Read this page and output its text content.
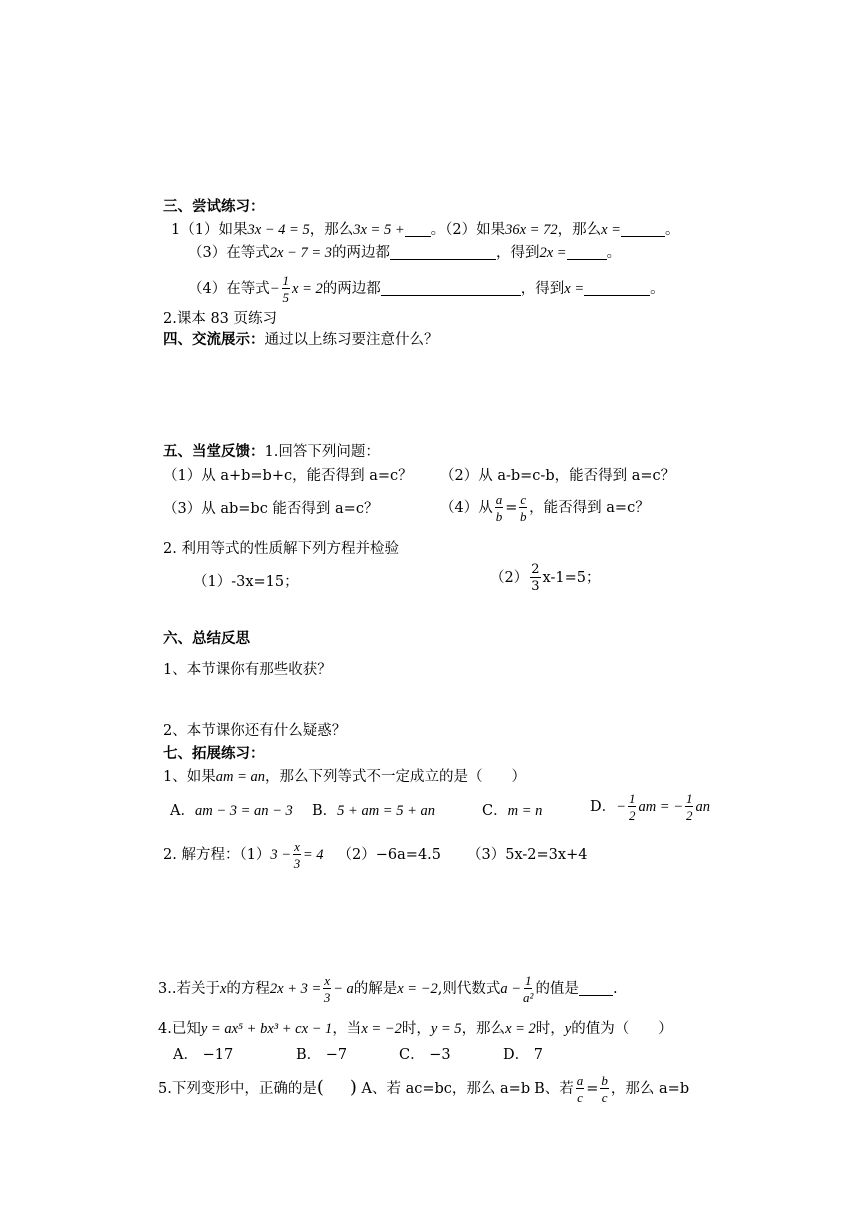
三、尝试练习：
1（1）如果3x − 4 = 5，那么3x = 5 + 。（2）如果36x = 72，那么x =	。
（3）在等式2x − 7 = 3的两边都	，得到2x =	。
（4）在等式− $\frac{1}{5}$ x = 2的两边都	，得到x =	。
2.课本 83 页练习
四、交流展示：通过以上练习要注意什么？
五、当堂反馈：1.回答下列问题：
（1）从 a+b=b+c，能否得到 a=c？ （2）从 a-b=c-b，能否得到 a=c？
（3）从 ab=bc 能否得到 a=c？	（4）从 $\frac{a}{b} = \frac{c}{b}$ ，能否得到 a=c？
2. 利用等式的性质解下列方程并检验
（1）-3x=15；	$(2) \frac{2}{3} x-1=5$；
六、总结反思
1、本节课你有那些收获？
2、本节课你还有什么疑惑？
七、拓展练习：
1、如果am = an，那么下列等式不一定成立的是（　　）
A．am − 3 = an − 3 B．5 + am = 5 + an	C．m = n	D．− $\frac{1}{2}$ am = − $\frac{1}{2}$ an
2. 解方程：$(1)3 - \frac{x}{3} = 4$ （2）−6a=4.5 （3）5x-2=3x+4
3..若关于x的方程$2x + 3 = \frac{x}{3} - a$的解是x = −2,则代数式$a - \frac{1}{\text{a²}}$ 的值是 .
4.已知y = ax⁵ + bx³ + cx − 1，当x = −2时，y = 5，那么x = 2时，y的值为（　　）
A． −17	B． −7	C． −3	D． 7
5.下列变形中，正确的是( ) A、若 ac=bc，那么 a=b B、若 $\frac{a}{c} = \frac{b}{c}$ ，那么 a=b
